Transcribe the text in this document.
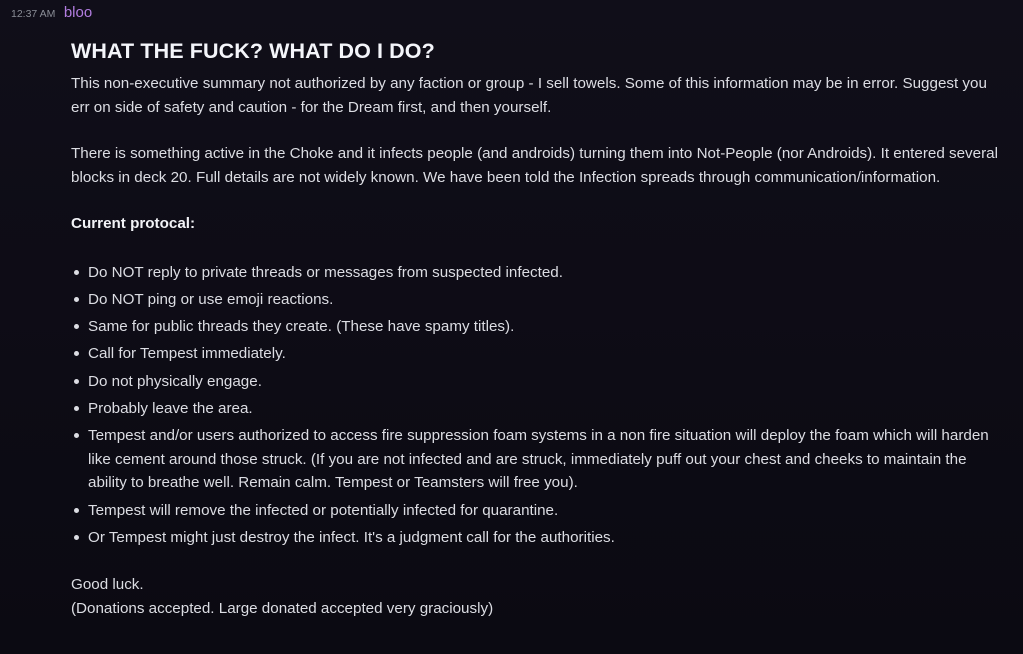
12:37 AM bloo
WHAT THE FUCK? WHAT DO I DO?

This non-executive summary not authorized by any faction or group - I sell towels. Some of this information may be in error. Suggest you err on side of safety and caution - for the Dream first, and then yourself.

There is something active in the Choke and it infects people (and androids) turning them into Not-People (nor Androids). It entered several blocks in deck 20. Full details are not widely known. We have been told the Infection spreads through communication/information.

Current protocal:

Do NOT reply to private threads or messages from suspected infected.
Do NOT ping or use emoji reactions.
Same for public threads they create. (These have spamy titles).
Call for Tempest immediately.
Do not physically engage.
Probably leave the area.
Tempest and/or users authorized to access fire suppression foam systems in a non fire situation will deploy the foam which will harden like cement around those struck. (If you are not infected and are struck, immediately puff out your chest and cheeks to maintain the ability to breathe well. Remain calm. Tempest or Teamsters will free you).
Tempest will remove the infected or potentially infected for quarantine.
Or Tempest might just destroy the infect. It's a judgment call for the authorities.

Good luck.

(Donations accepted. Large donated accepted very graciously)
